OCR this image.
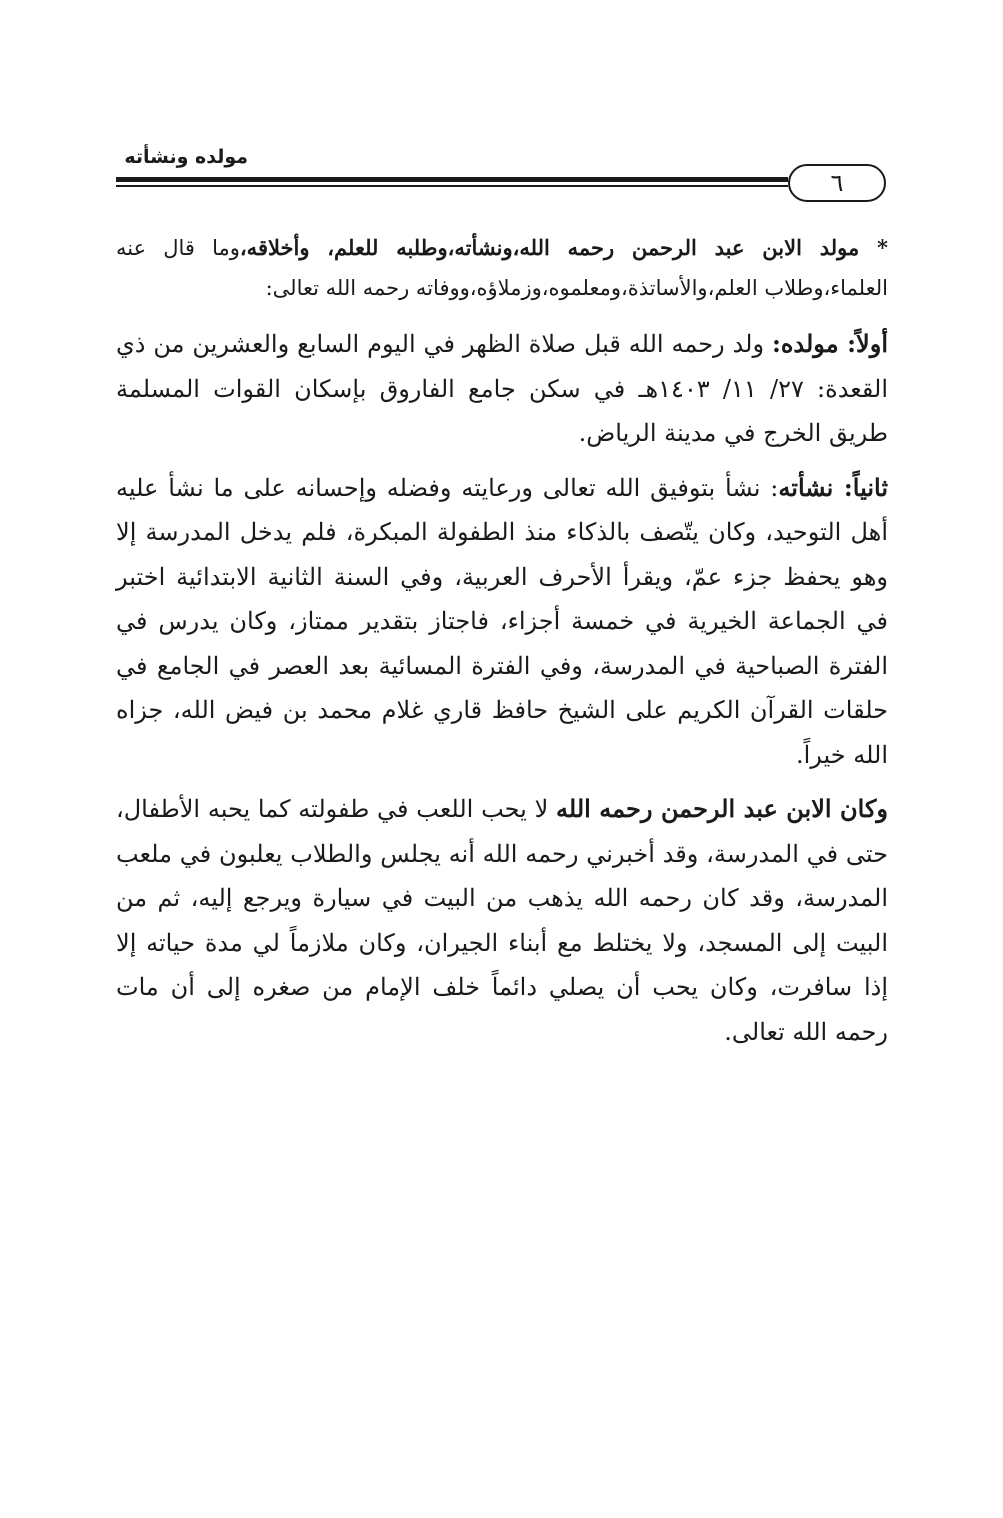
مولده ونشأته
٦

* مولد الابن عبد الرحمن رحمه الله،ونشأته،وطلبه للعلم، وأخلاقه،وما قال عنه العلماء،وطلاب العلم،والأساتذة،ومعلموه،وزملاؤه،ووفاته رحمه الله تعالى:

أولاً: مولده: ولد رحمه الله قبل صلاة الظهر في اليوم السابع والعشرين من ذي القعدة: ٢٧/ ١١/ ١٤٠٣هـ في سكن جامع الفاروق بإسكان القوات المسلمة طريق الخرج في مدينة الرياض.

ثانياً: نشأته: نشأ بتوفيق الله تعالى ورعايته وفضله وإحسانه على ما نشأ عليه أهل التوحيد، وكان يتّصف بالذكاء منذ الطفولة المبكرة، فلم يدخل المدرسة إلا وهو يحفظ جزء عمّ، ويقرأ الأحرف العربية، وفي السنة الثانية الابتدائية اختبر في الجماعة الخيرية في خمسة أجزاء، فاجتاز بتقدير ممتاز، وكان يدرس في الفترة الصباحية في المدرسة، وفي الفترة المسائية بعد العصر في الجامع في حلقات القرآن الكريم على الشيخ حافظ قاري غلام محمد بن فيض الله، جزاه الله خيراً.

وكان الابن عبد الرحمن رحمه الله لا يحب اللعب في طفولته كما يحبه الأطفال، حتى في المدرسة، وقد أخبرني رحمه الله أنه يجلس والطلاب يعلبون في ملعب المدرسة، وقد كان رحمه الله يذهب من البيت في سيارة ويرجع إليه، ثم من البيت إلى المسجد، ولا يختلط مع أبناء الجيران، وكان ملازماً لي مدة حياته إلا إذا سافرت، وكان يحب أن يصلي دائماً خلف الإمام من صغره إلى أن مات رحمه الله تعالى.
